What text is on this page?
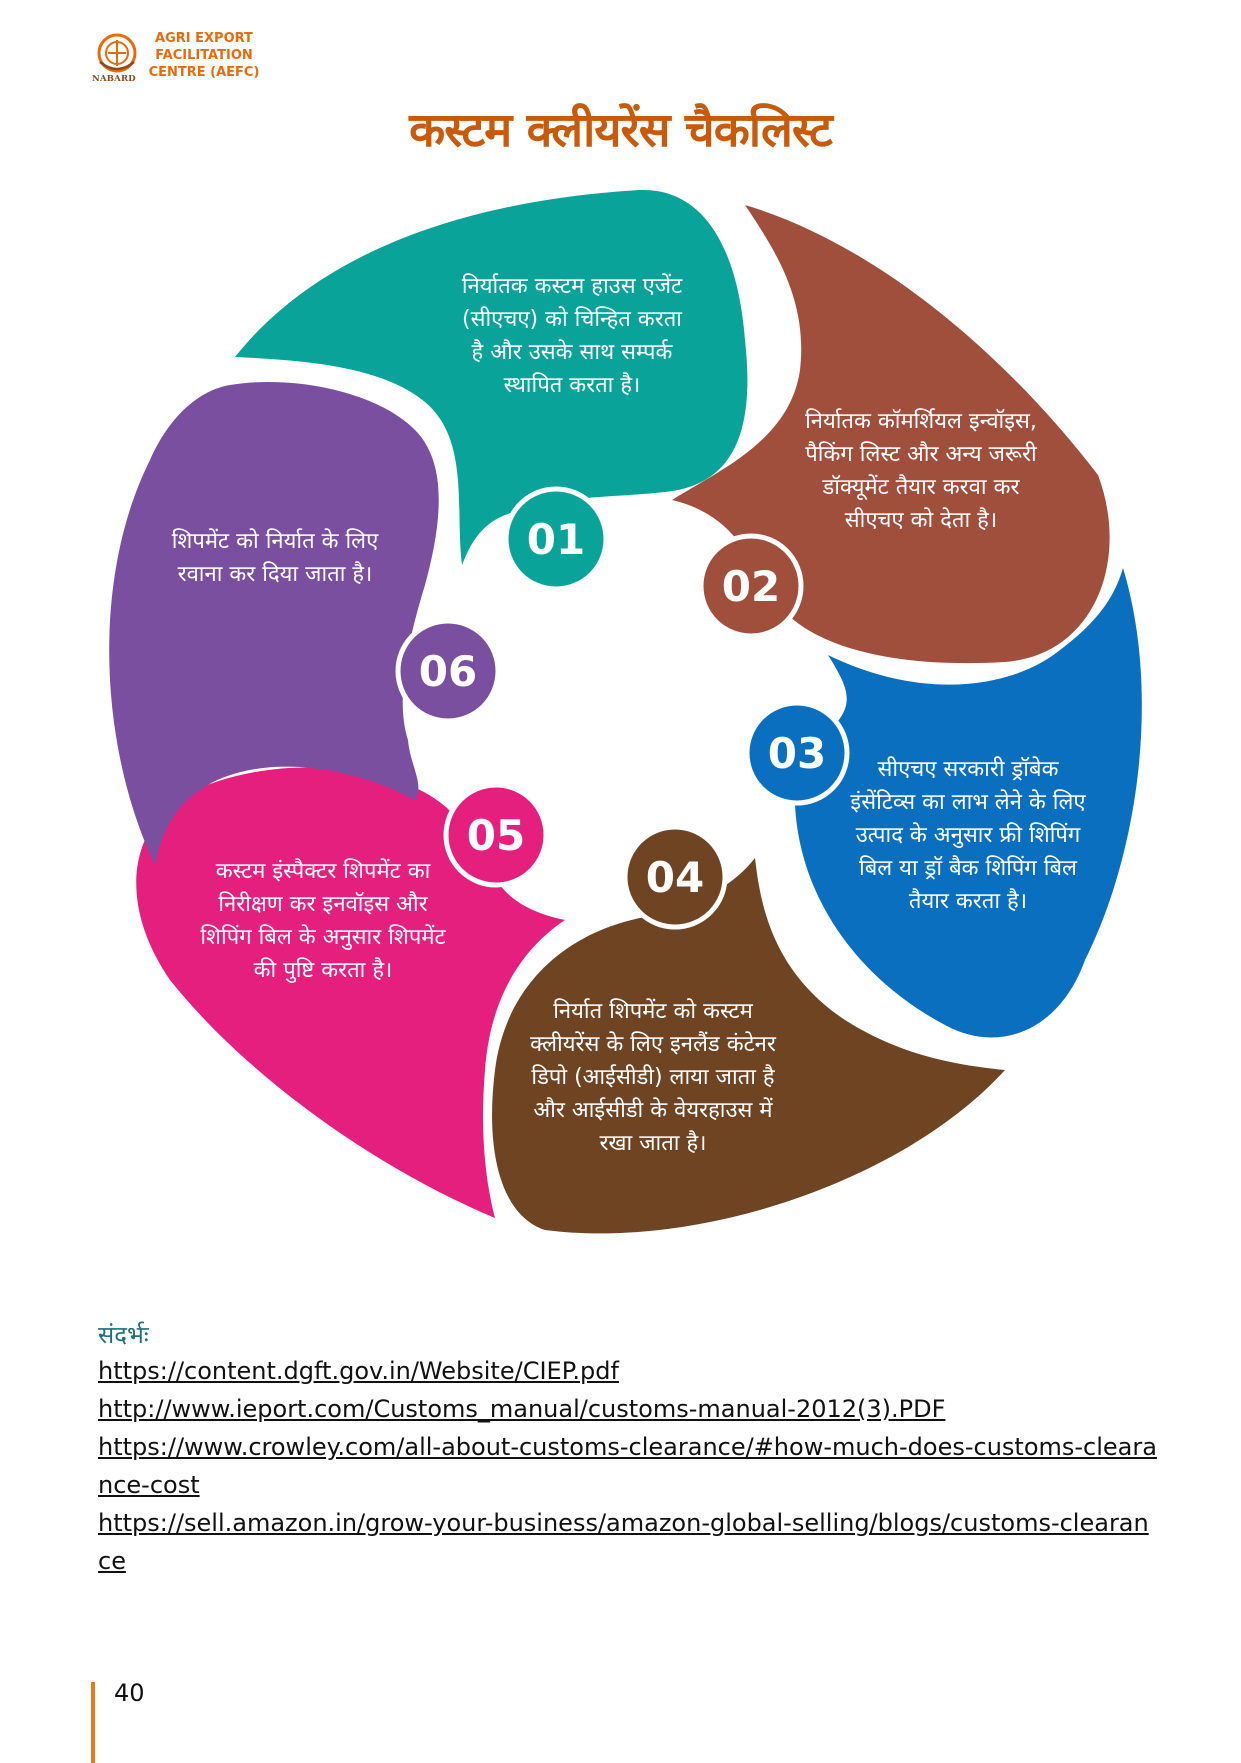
NABARD
AGRI EXPORT
FACILITATION
CENTRE (AEFC)
कस्टम क्लीयरेंस चैकलिस्ट
01
02
03
04
05
06
निर्यातक कस्टम हाउस एजेंट (सीएचए) को चिन्हित करता है और उसके साथ सम्पर्क स्थापित करता है।
निर्यातक कॉमर्शियल इन्वॉइस, पैकिंग लिस्ट और अन्य जरूरी डॉक्यूमेंट तैयार करवा कर सीएचए को देता है।
सीएचए सरकारी ड्रॉबेक इंसेंटिव्स का लाभ लेने के लिए उत्पाद के अनुसार फ्री शिपिंग बिल या ड्रॉ बैक शिपिंग बिल तैयार करता है।
निर्यात शिपमेंट को कस्टम क्लीयरेंस के लिए इनलैंड कंटेनर डिपो (आईसीडी) लाया जाता है और आईसीडी के वेयरहाउस में रखा जाता है।
कस्टम इंस्पैक्टर शिपमेंट का निरीक्षण कर इनवॉइस और शिपिंग बिल के अनुसार शिपमेंट की पुष्टि करता है।
शिपमेंट को निर्यात के लिए रवाना कर दिया जाता है।
संदर्भः
https://content.dgft.gov.in/Website/CIEP.pdf
http://www.ieport.com/Customs_manual/customs-manual-2012(3).PDF
https://www.crowley.com/all-about-customs-clearance/#how-much-does-customs-clearance-cost
https://sell.amazon.in/grow-your-business/amazon-global-selling/blogs/customs-clearance
40
